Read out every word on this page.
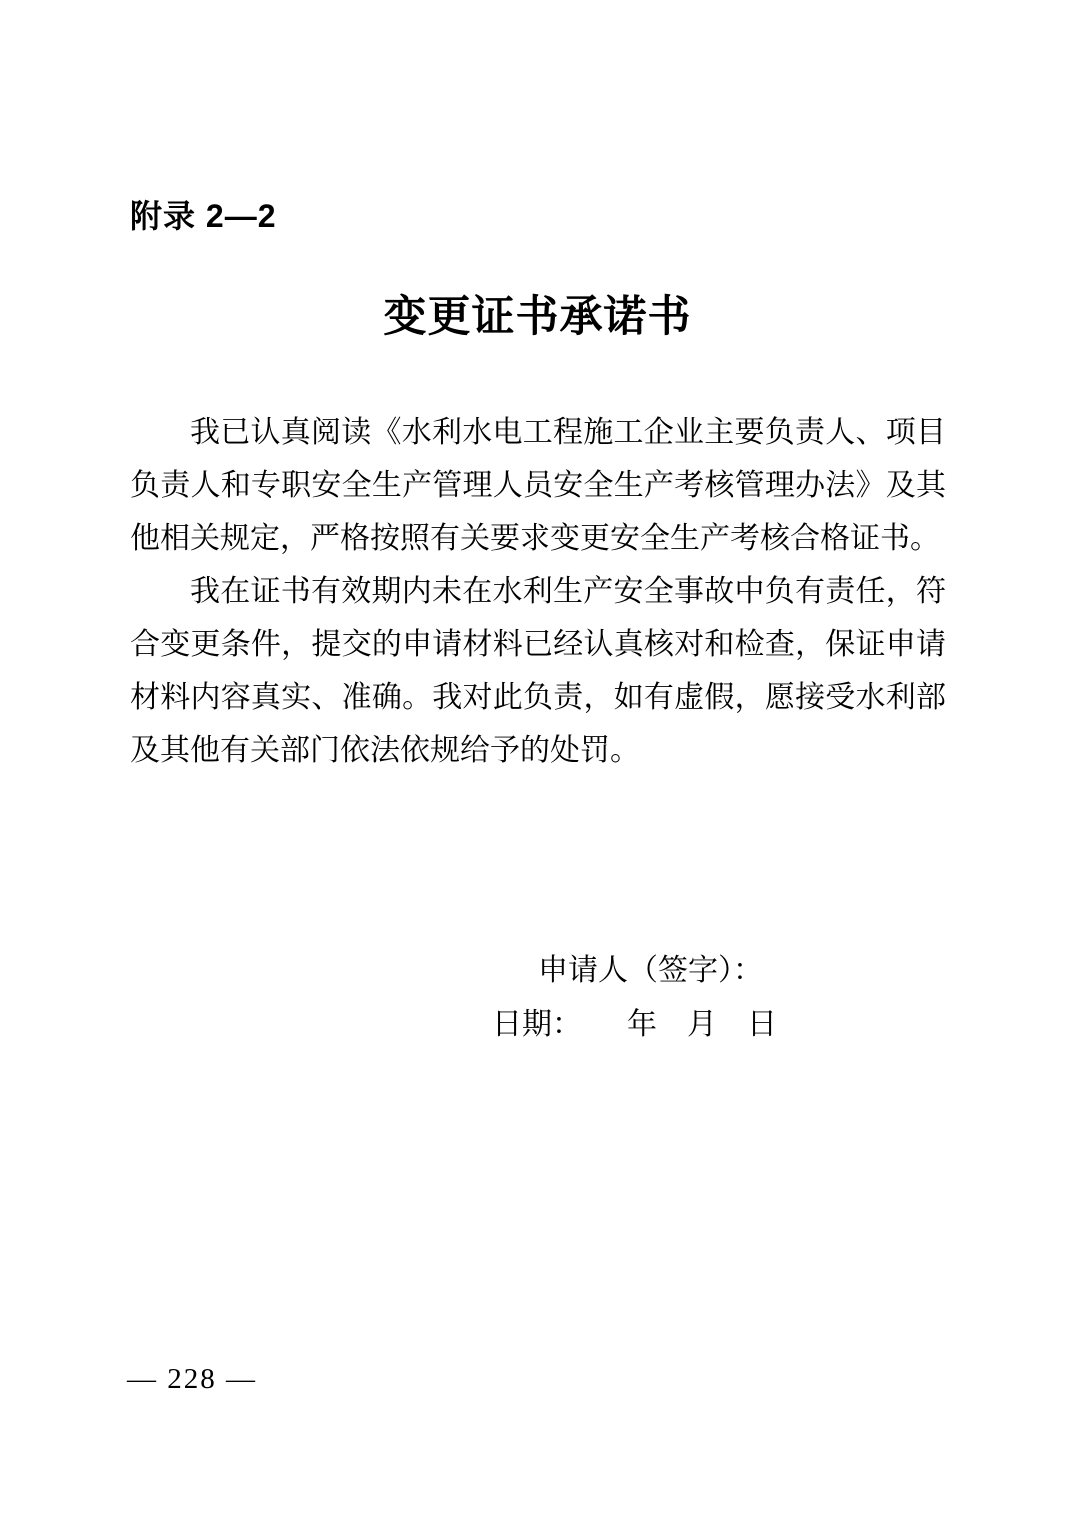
附录 2—2
变更证书承诺书

我已认真阅读《水利水电工程施工企业主要负责人、项目负责人和专职安全生产管理人员安全生产考核管理办法》及其他相关规定，严格按照有关要求变更安全生产考核合格证书。

我在证书有效期内未在水利生产安全事故中负有责任，符合变更条件，提交的申请材料已经认真核对和检查，保证申请材料内容真实、准确。我对此负责，如有虚假，愿接受水利部及其他有关部门依法依规给予的处罚。

申请人（签字）：
日期：　　年　月　日
— 228 —
